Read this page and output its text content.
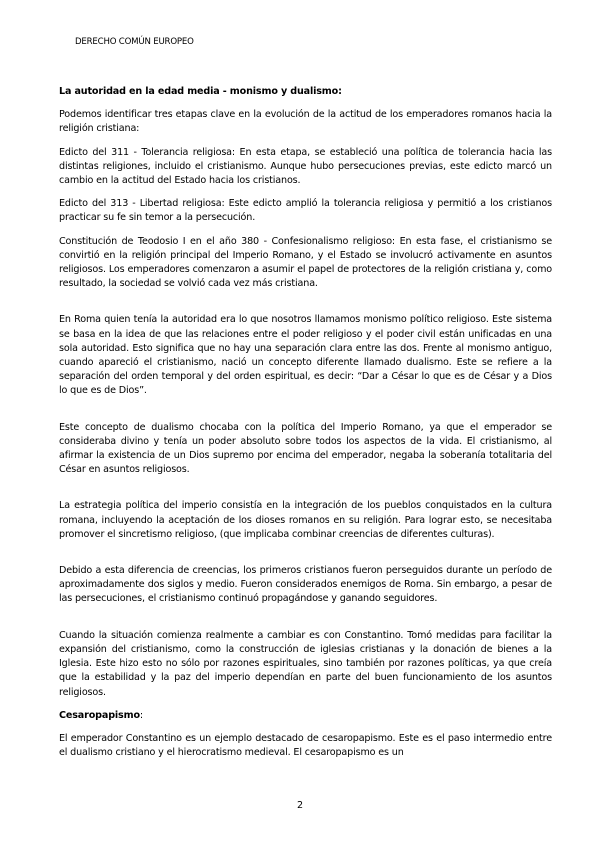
DERECHO COMÚN EUROPEO
La autoridad en la edad media - monismo y dualismo:

Podemos identificar tres etapas clave en la evolución de la actitud de los emperadores romanos hacia la religión cristiana:

Edicto del 311 - Tolerancia religiosa: En esta etapa, se estableció una política de tolerancia hacia las distintas religiones, incluido el cristianismo. Aunque hubo persecuciones previas, este edicto marcó un cambio en la actitud del Estado hacia los cristianos.

Edicto del 313 - Libertad religiosa: Este edicto amplió la tolerancia religiosa y permitió a los cristianos practicar su fe sin temor a la persecución.

Constitución de Teodosio I en el año 380 - Confesionalismo religioso: En esta fase, el cristianismo se convirtió en la religión principal del Imperio Romano, y el Estado se involucró activamente en asuntos religiosos. Los emperadores comenzaron a asumir el papel de protectores de la religión cristiana y, como resultado, la sociedad se volvió cada vez más cristiana.

En Roma quien tenía la autoridad era lo que nosotros llamamos monismo político religioso. Este sistema se basa en la idea de que las relaciones entre el poder religioso y el poder civil están unificadas en una sola autoridad. Esto significa que no hay una separación clara entre las dos. Frente al monismo antiguo, cuando apareció el cristianismo, nació un concepto diferente llamado dualismo. Este se refiere a la separación del orden temporal y del orden espiritual, es decir: “Dar a César lo que es de César y a Dios lo que es de Dios”.

Este concepto de dualismo chocaba con la política del Imperio Romano, ya que el emperador se consideraba divino y tenía un poder absoluto sobre todos los aspectos de la vida. El cristianismo, al afirmar la existencia de un Dios supremo por encima del emperador, negaba la soberanía totalitaria del César en asuntos religiosos.

La estrategia política del imperio consistía en la integración de los pueblos conquistados en la cultura romana, incluyendo la aceptación de los dioses romanos en su religión. Para lograr esto, se necesitaba promover el sincretismo religioso, (que implicaba combinar creencias de diferentes culturas).

Debido a esta diferencia de creencias, los primeros cristianos fueron perseguidos durante un período de aproximadamente dos siglos y medio. Fueron considerados enemigos de Roma. Sin embargo, a pesar de las persecuciones, el cristianismo continuó propagándose y ganando seguidores.

Cuando la situación comienza realmente a cambiar es con Constantino. Tomó medidas para facilitar la expansión del cristianismo, como la construcción de iglesias cristianas y la donación de bienes a la Iglesia. Este hizo esto no sólo por razones espirituales, sino también por razones políticas, ya que creía que la estabilidad y la paz del imperio dependían en parte del buen funcionamiento de los asuntos religiosos.

Cesaropapismo:

El emperador Constantino es un ejemplo destacado de cesaropapismo. Este es el paso intermedio entre el dualismo cristiano y el hierocratismo medieval. El cesaropapismo es un

2
